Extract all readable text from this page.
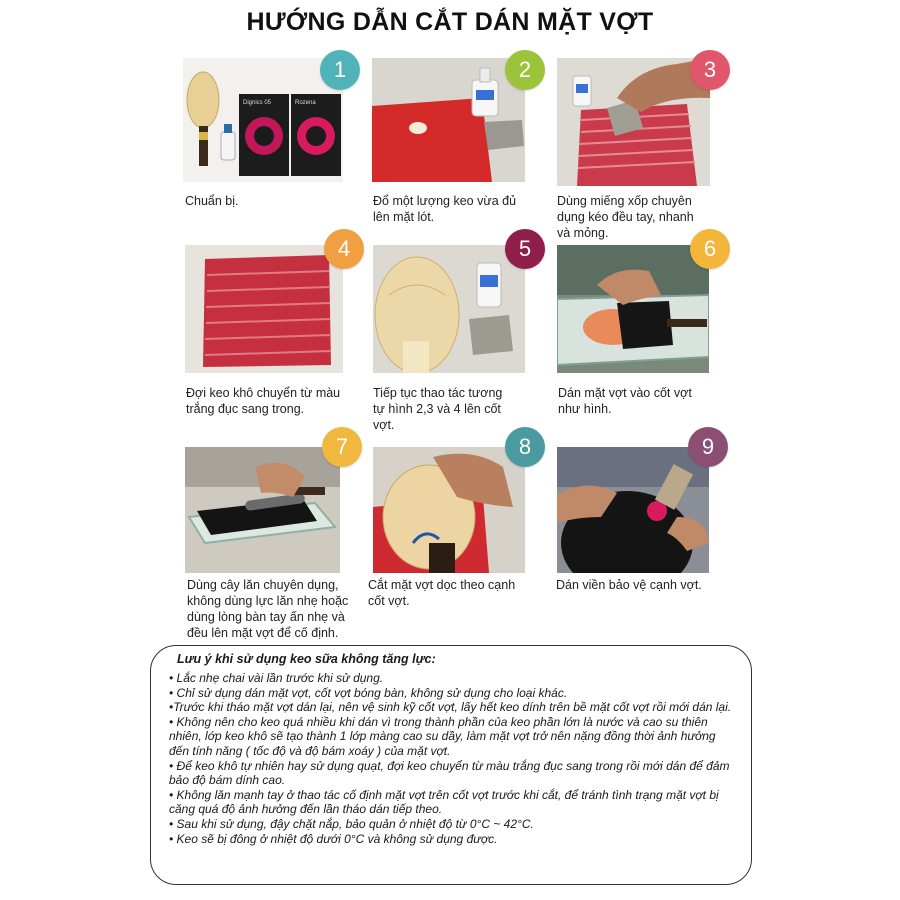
HƯỚNG DẪN CẮT DÁN MẶT VỢT
Dignics 05	Rozena
1
Chuẩn bị.
2
Đổ một lượng keo vừa đủ lên mặt lót.
3
Dùng miếng xốp chuyên dụng kéo đều tay, nhanh và mỏng.
4
Đợi keo khô chuyển từ màu trắng đục sang trong.
5
Tiếp tục thao tác tương tự hình 2,3 và 4 lên cốt vợt.
6
Dán mặt vợt vào cốt vợt như hình.
7
Dùng cây lăn chuyên dụng, không dùng lực lăn nhẹ hoặc dùng lòng bàn tay ấn nhẹ và đều lên mặt vợt để cố định.
8
Cắt mặt vợt dọc theo cạnh cốt vợt.
9
Dán viền bảo vệ cạnh vợt.
Lưu ý khi sử dụng keo sữa không tăng lực:
• Lắc nhẹ chai vài lần trước khi sử dụng.
• Chỉ sử dụng dán mặt vợt, cốt vợt bóng bàn, không sử dụng cho loại khác.
•Trước khi tháo mặt vợt dán lại, nên vệ sinh kỹ cốt vợt, lấy hết keo dính trên bề mặt cốt vợt rồi mới dán lại.
• Không nên cho keo quá nhiều khi dán vì trong thành phần của keo phần lớn là nước và cao su thiên nhiên, lớp keo khô sẽ tạo thành 1 lớp màng cao su dầy, làm mặt vợt trở nên nặng đồng thời ảnh hưởng đến tính năng ( tốc độ và độ bám xoáy ) của mặt vợt.
• Để keo khô tự nhiên hay sử dụng quạt, đợi keo chuyển từ màu trắng đục sang trong rồi mới dán để đảm bảo độ bám dính cao.
• Không lăn mạnh tay ở thao tác cố định mặt vợt trên cốt vợt trước khi cắt, để tránh tình trạng mặt vợt bị căng quá độ ảnh hưởng đến lần tháo dán tiếp theo.
• Sau khi sử dụng, đậy chặt nắp, bảo quản ở nhiệt độ từ 0°C ~ 42°C.
• Keo sẽ bị đông ở nhiệt độ dưới 0°C và không sử dụng được.
